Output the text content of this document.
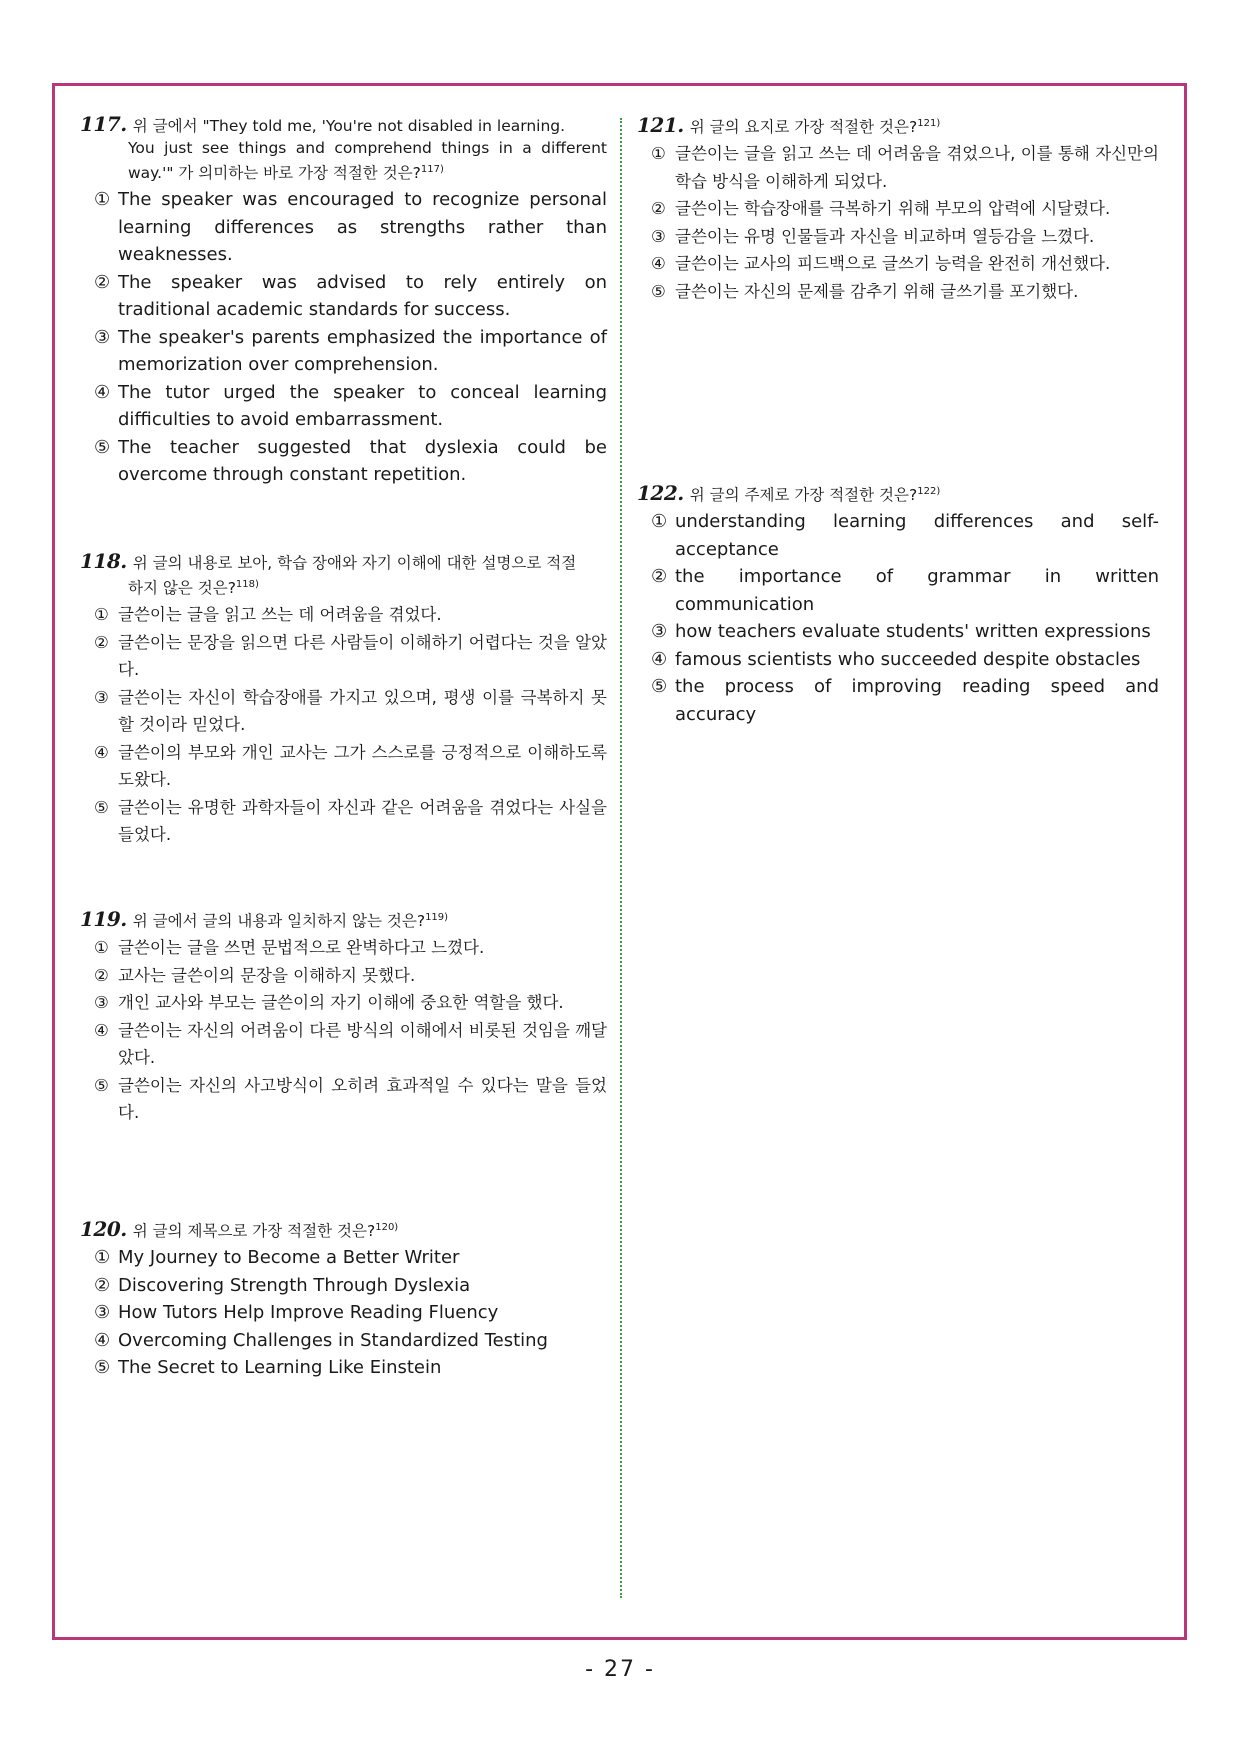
117. 위 글에서 "They told me, 'You're not disabled in learning.
You just see things and comprehend things in a different way.'" 가 의미하는 바로 가장 적절한 것은?$^{117)}$

① The speaker was encouraged to recognize personal learning differences as strengths rather than weaknesses.
② The speaker was advised to rely entirely on traditional academic standards for success.
③ The speaker's parents emphasized the importance of memorization over comprehension.
④ The tutor urged the speaker to conceal learning difficulties to avoid embarrassment.
⑤ The teacher suggested that dyslexia could be overcome through constant repetition.

118. 위 글의 내용로 보아, 학습 장애와 자기 이해에 대한 설명으로 적절
하지 않은 것은?$^{118)}$

① 글쓴이는 글을 읽고 쓰는 데 어려움을 겪었다.
② 글쓴이는 문장을 읽으면 다른 사람들이 이해하기 어렵다는 것을 알았다.
③ 글쓴이는 자신이 학습장애를 가지고 있으며, 평생 이를 극복하지 못할 것이라 믿었다.
④ 글쓴이의 부모와 개인 교사는 그가 스스로를 긍정적으로 이해하도록 도왔다.
⑤ 글쓴이는 유명한 과학자들이 자신과 같은 어려움을 겪었다는 사실을 들었다.

119. 위 글에서 글의 내용과 일치하지 않는 것은?$^{119)}$

① 글쓴이는 글을 쓰면 문법적으로 완벽하다고 느꼈다.
② 교사는 글쓴이의 문장을 이해하지 못했다.
③ 개인 교사와 부모는 글쓴이의 자기 이해에 중요한 역할을 했다.
④ 글쓴이는 자신의 어려움이 다른 방식의 이해에서 비롯된 것임을 깨달았다.
⑤ 글쓴이는 자신의 사고방식이 오히려 효과적일 수 있다는 말을 들었다.

120. 위 글의 제목으로 가장 적절한 것은?$^{120)}$

① My Journey to Become a Better Writer
② Discovering Strength Through Dyslexia
③ How Tutors Help Improve Reading Fluency
④ Overcoming Challenges in Standardized Testing
⑤ The Secret to Learning Like Einstein

121. 위 글의 요지로 가장 적절한 것은?$^{121)}$

① 글쓴이는 글을 읽고 쓰는 데 어려움을 겪었으나, 이를 통해 자신만의 학습 방식을 이해하게 되었다.
② 글쓴이는 학습장애를 극복하기 위해 부모의 압력에 시달렸다.
③ 글쓴이는 유명 인물들과 자신을 비교하며 열등감을 느꼈다.
④ 글쓴이는 교사의 피드백으로 글쓰기 능력을 완전히 개선했다.
⑤ 글쓴이는 자신의 문제를 감추기 위해 글쓰기를 포기했다.

122. 위 글의 주제로 가장 적절한 것은?$^{122)}$

① understanding learning differences and self-acceptance
② the importance of grammar in written communication
③ how teachers evaluate students' written expressions
④ famous scientists who succeeded despite obstacles
⑤ the process of improving reading speed and accuracy
- 27 -
